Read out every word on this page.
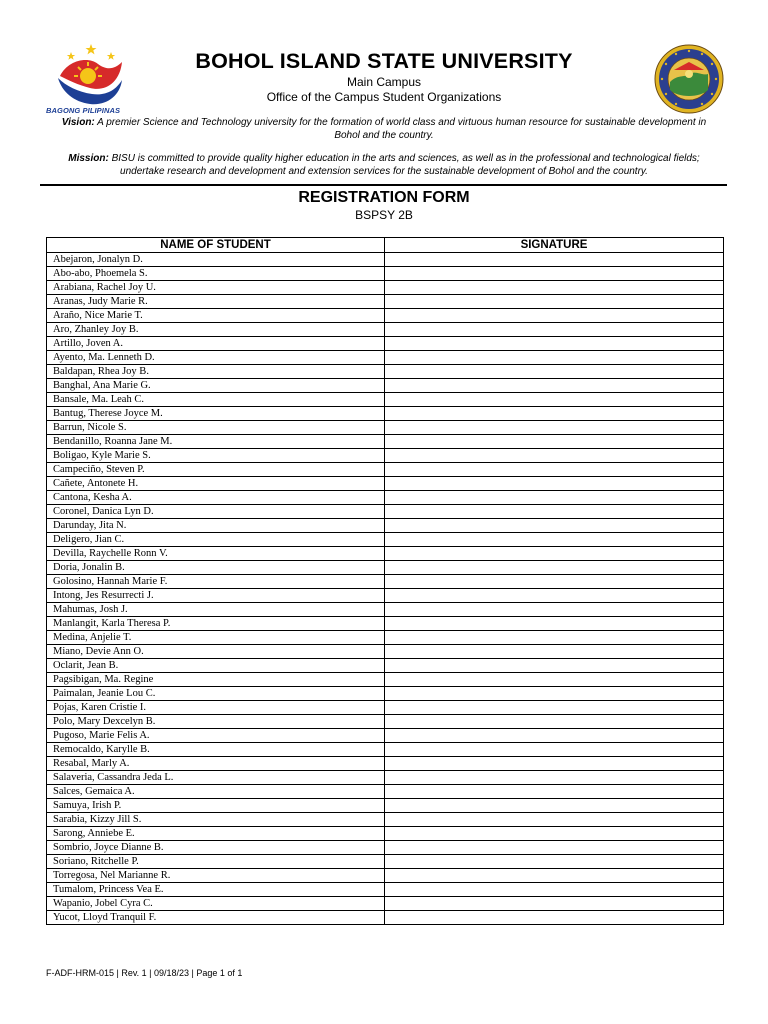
BAGONG PILIPINAS
BOHOL ISLAND STATE UNIVERSITY
Main Campus
Office of the Campus Student Organizations
Vision: A premier Science and Technology university for the formation of world class and virtuous human resource for sustainable development in Bohol and the country.
Mission: BISU is committed to provide quality higher education in the arts and sciences, as well as in the professional and technological fields; undertake research and development and extension services for the sustainable development of Bohol and the country.
REGISTRATION FORM
BSPSY 2B
NAME OF STUDENT	SIGNATURE
Abejaron, Jonalyn D.	
Abo-abo, Phoemela S.	
Arabiana, Rachel Joy U.	
Aranas, Judy Marie R.	
Araño, Nice Marie T.	
Aro, Zhanley Joy B.	
Artillo, Joven A.	
Ayento, Ma. Lenneth D.	
Baldapan, Rhea Joy B.	
Banghal, Ana Marie G.	
Bansale, Ma. Leah C.	
Bantug, Therese Joyce M.	
Barrun, Nicole S.	
Bendanillo, Roanna Jane M.	
Boligao, Kyle Marie S.	
Campeciño, Steven P.	
Cañete, Antonete H.	
Cantona, Kesha A.	
Coronel, Danica Lyn D.	
Darunday, Jita N.	
Deligero, Jian C.	
Devilla, Raychelle Ronn V.	
Doria, Jonalin B.	
Golosino, Hannah Marie F.	
Intong, Jes Resurrecti J.	
Mahumas, Josh J.	
Manlangit, Karla Theresa P.	
Medina, Anjelie T.	
Miano, Devie Ann O.	
Oclarit, Jean B.	
Pagsibigan, Ma. Regine	
Paimalan, Jeanie Lou C.	
Pojas, Karen Cristie I.	
Polo, Mary Dexcelyn B.	
Pugoso, Marie Felis A.	
Remocaldo, Karylle B.	
Resabal, Marly A.	
Salaveria, Cassandra Jeda L.	
Salces, Gemaica A.	
Samuya, Irish P.	
Sarabia, Kizzy Jill S.	
Sarong, Anniebe E.	
Sombrio, Joyce Dianne B.	
Soriano, Ritchelle P.	
Torregosa, Nel Marianne R.	
Tumalom, Princess Vea E.	
Wapanio, Jobel Cyra C.	
Yucot, Lloyd Tranquil F.	
F-ADF-HRM-015 | Rev. 1 | 09/18/23 | Page 1 of 1
